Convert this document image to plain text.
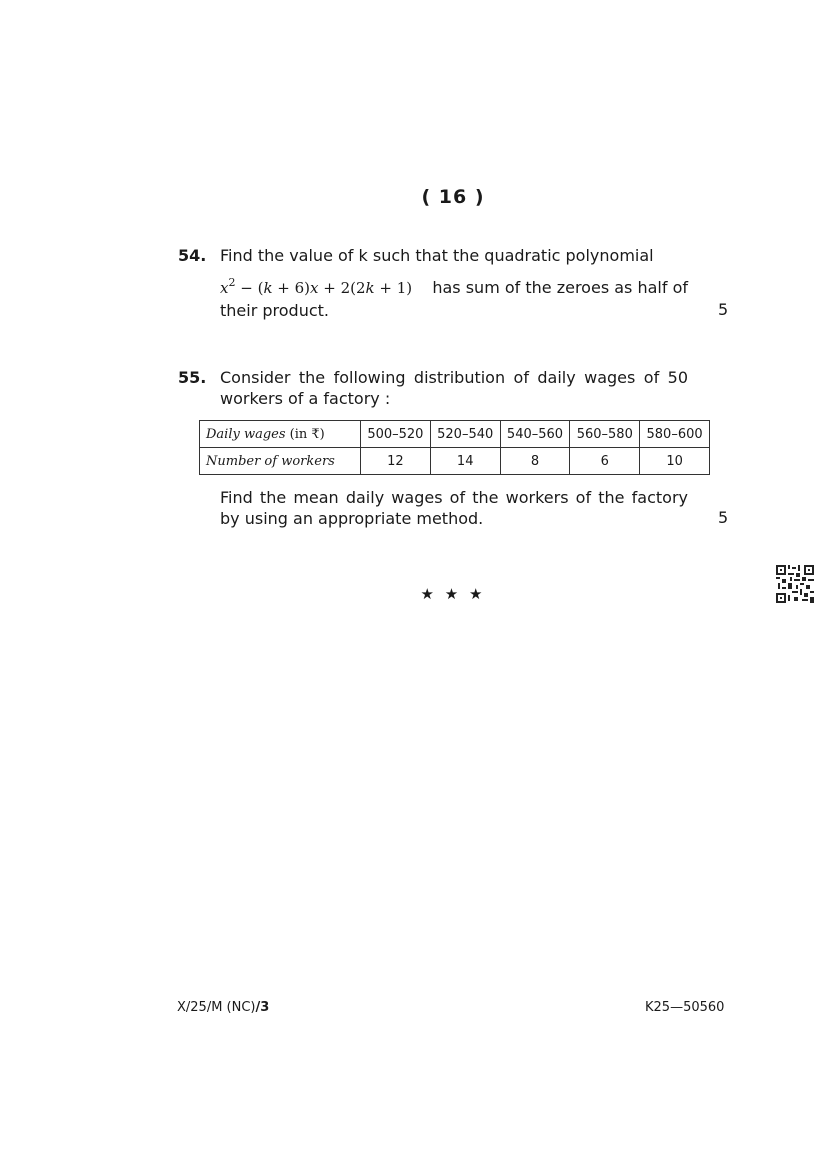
( 16 )
54. Find the value of k such that the quadratic polynomial
$x^2 - (k + 6)x + 2(2k + 1)$ has sum of the zeroes as half of
their product.	5
55. Consider the following distribution of daily wages of 50 workers of a factory :
Daily wages (in ₹)	500–520	520–540	540–560	560–580	580–600
Number of workers	12	14	8	6	10
Find the mean daily wages of the workers of the factory by using an appropriate method.	5
★ ★ ★
X/25/M (NC)/3	K25—50560
